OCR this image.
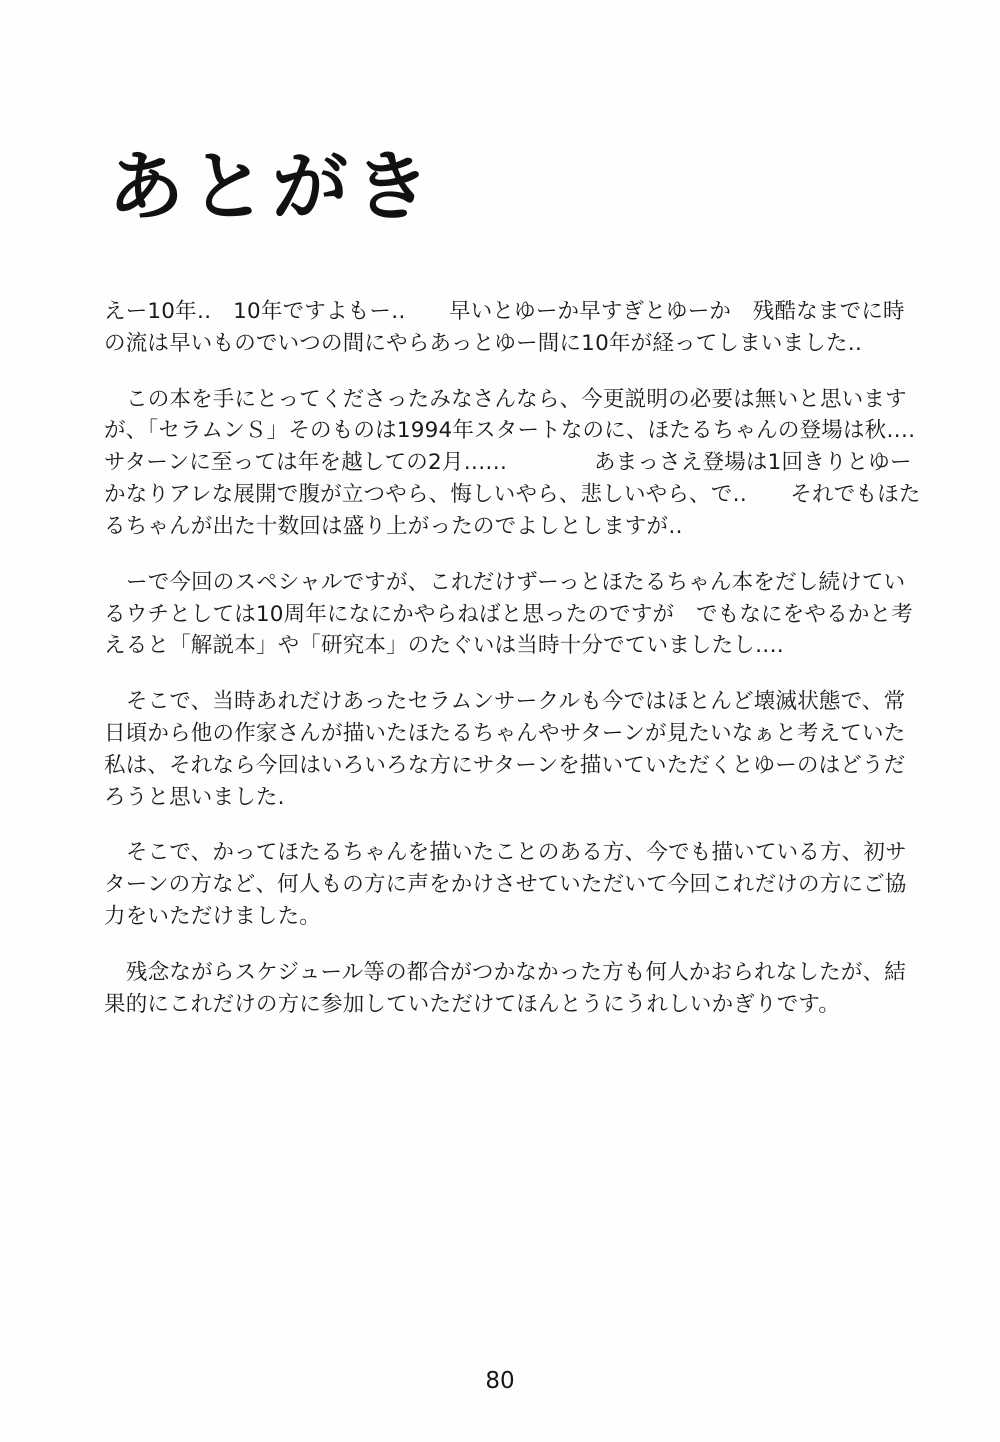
あとがき

えー10年‥　10年ですよもー‥　　早いとゆーか早すぎとゆーか　残酷なまでに時の流は早いものでいつの間にやらあっとゆー間に10年が経ってしまいました‥

この本を手にとってくださったみなさんなら、今更説明の必要は無いと思いますが、「セラムンＳ」そのものは1994年スタートなのに、ほたるちゃんの登場は秋‥‥　　　サターンに至っては年を越しての2月‥‥‥　　　　あまっさえ登場は1回きりとゆーかなりアレな展開で腹が立つやら、悔しいやら、悲しいやら、で‥　　それでもほたるちゃんが出た十数回は盛り上がったのでよしとしますが‥

ーで今回のスペシャルですが、これだけずーっとほたるちゃん本をだし続けているウチとしては10周年になにかやらねばと思ったのですが　でもなにをやるかと考えると「解説本」や「研究本」のたぐいは当時十分でていましたし‥‥

そこで、当時あれだけあったセラムンサークルも今ではほとんど壊滅状態で、常日頃から他の作家さんが描いたほたるちゃんやサターンが見たいなぁと考えていた私は、それなら今回はいろいろな方にサターンを描いていただくとゆーのはどうだろうと思いました.

そこで、かってほたるちゃんを描いたことのある方、今でも描いている方、初サターンの方など、何人もの方に声をかけさせていただいて今回これだけの方にご協力をいただけました。

残念ながらスケジュール等の都合がつかなかった方も何人かおられなしたが、結果的にこれだけの方に参加していただけてほんとうにうれしいかぎりです。

80
